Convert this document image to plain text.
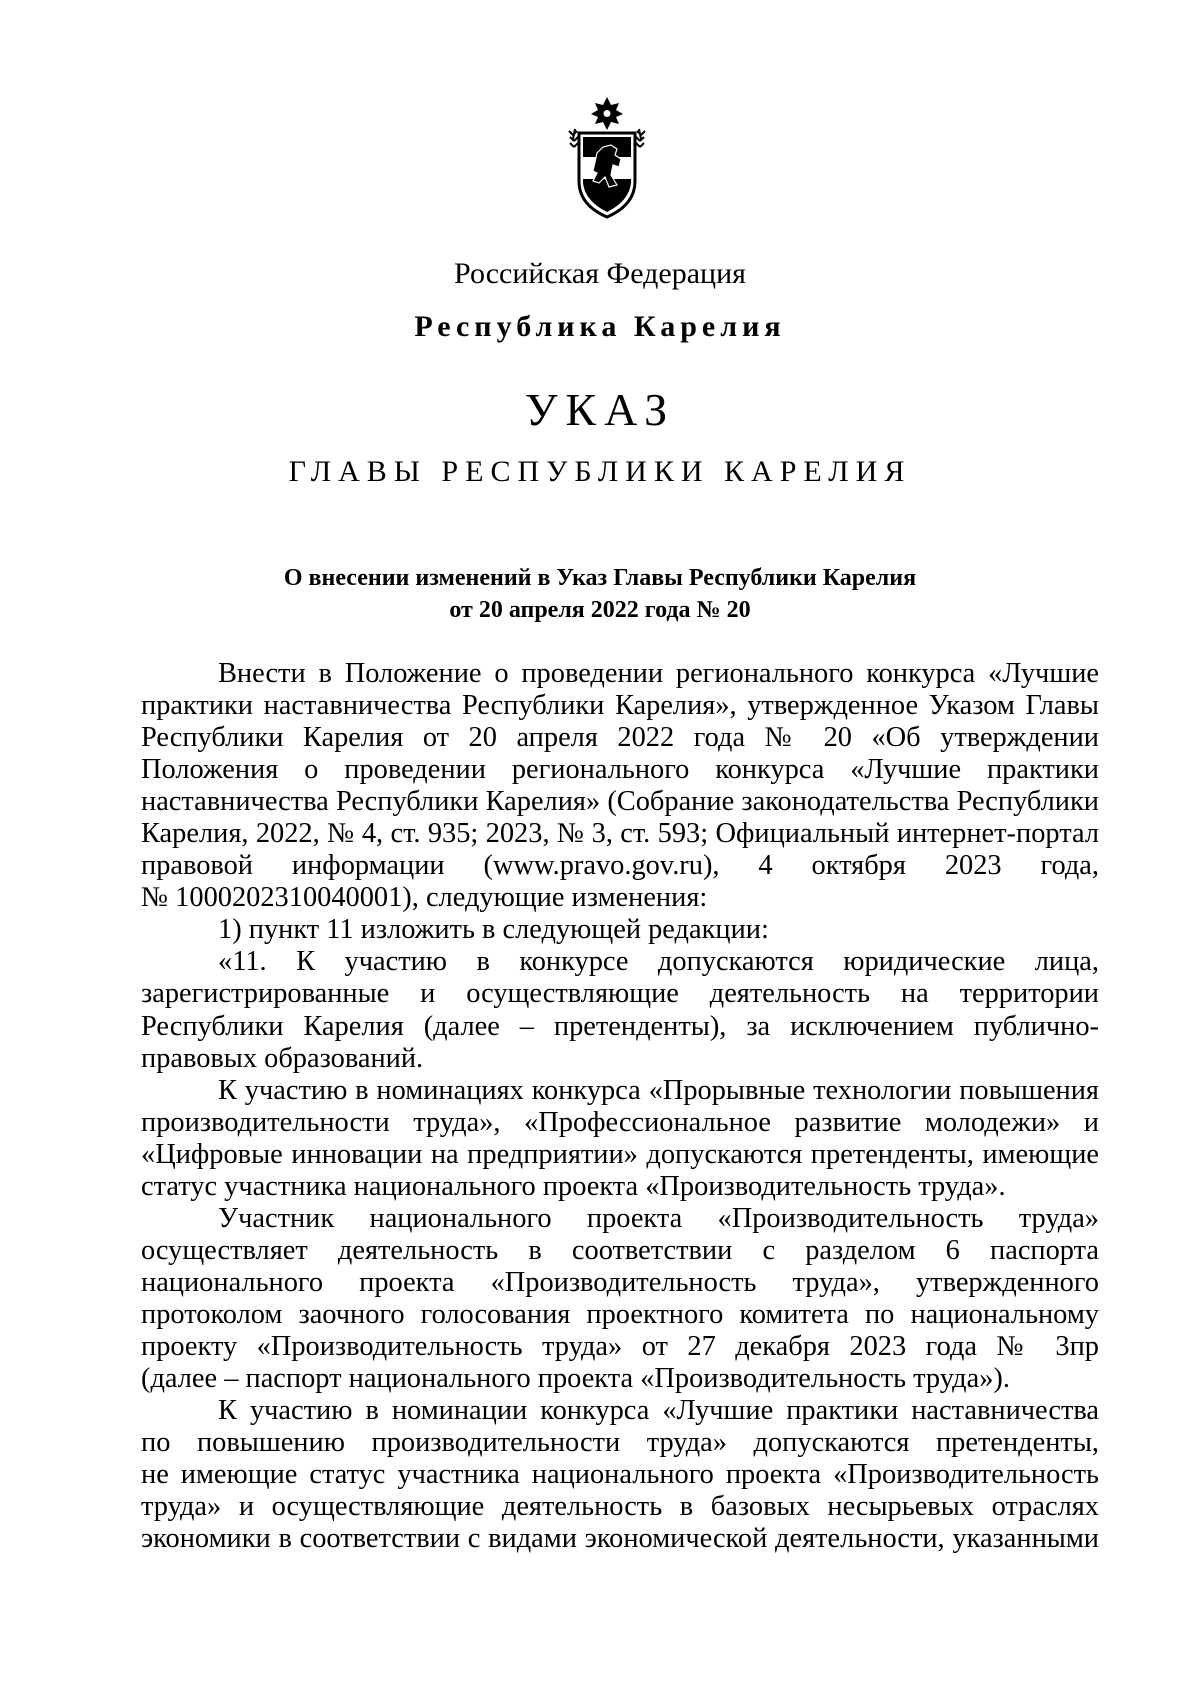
Российская Федерация
Республика Карелия
УКАЗ
ГЛАВЫ РЕСПУБЛИКИ КАРЕЛИЯ
О внесении изменений в Указ Главы Республики Карелия
от 20 апреля 2022 года № 20
Внести в Положение о проведении регионального конкурса «Лучшие
практики наставничества Республики Карелия», утвержденное Указом Главы
Республики Карелия от 20 апреля 2022 года № 20 «Об утверждении
Положения о проведении регионального конкурса «Лучшие практики
наставничества Республики Карелия» (Собрание законодательства Республики
Карелия, 2022, № 4, ст. 935; 2023, № 3, ст. 593; Официальный интернет-портал
правовой информации (www.pravo.gov.ru), 4 октября 2023 года,
№ 1000202310040001), следующие изменения:
1) пункт 11 изложить в следующей редакции:
«11. К участию в конкурсе допускаются юридические лица,
зарегистрированные и осуществляющие деятельность на территории
Республики Карелия (далее – претенденты), за исключением публично-
правовых образований.
К участию в номинациях конкурса «Прорывные технологии повышения
производительности труда», «Профессиональное развитие молодежи» и
«Цифровые инновации на предприятии» допускаются претенденты, имеющие
статус участника национального проекта «Производительность труда».
Участник национального проекта «Производительность труда»
осуществляет деятельность в соответствии с разделом 6 паспорта
национального проекта «Производительность труда», утвержденного
протоколом заочного голосования проектного комитета по национальному
проекту «Производительность труда» от 27 декабря 2023 года № 3пр
(далее – паспорт национального проекта «Производительность труда»).
К участию в номинации конкурса «Лучшие практики наставничества
по повышению производительности труда» допускаются претенденты,
не имеющие статус участника национального проекта «Производительность
труда» и осуществляющие деятельность в базовых несырьевых отраслях
экономики в соответствии с видами экономической деятельности, указанными
